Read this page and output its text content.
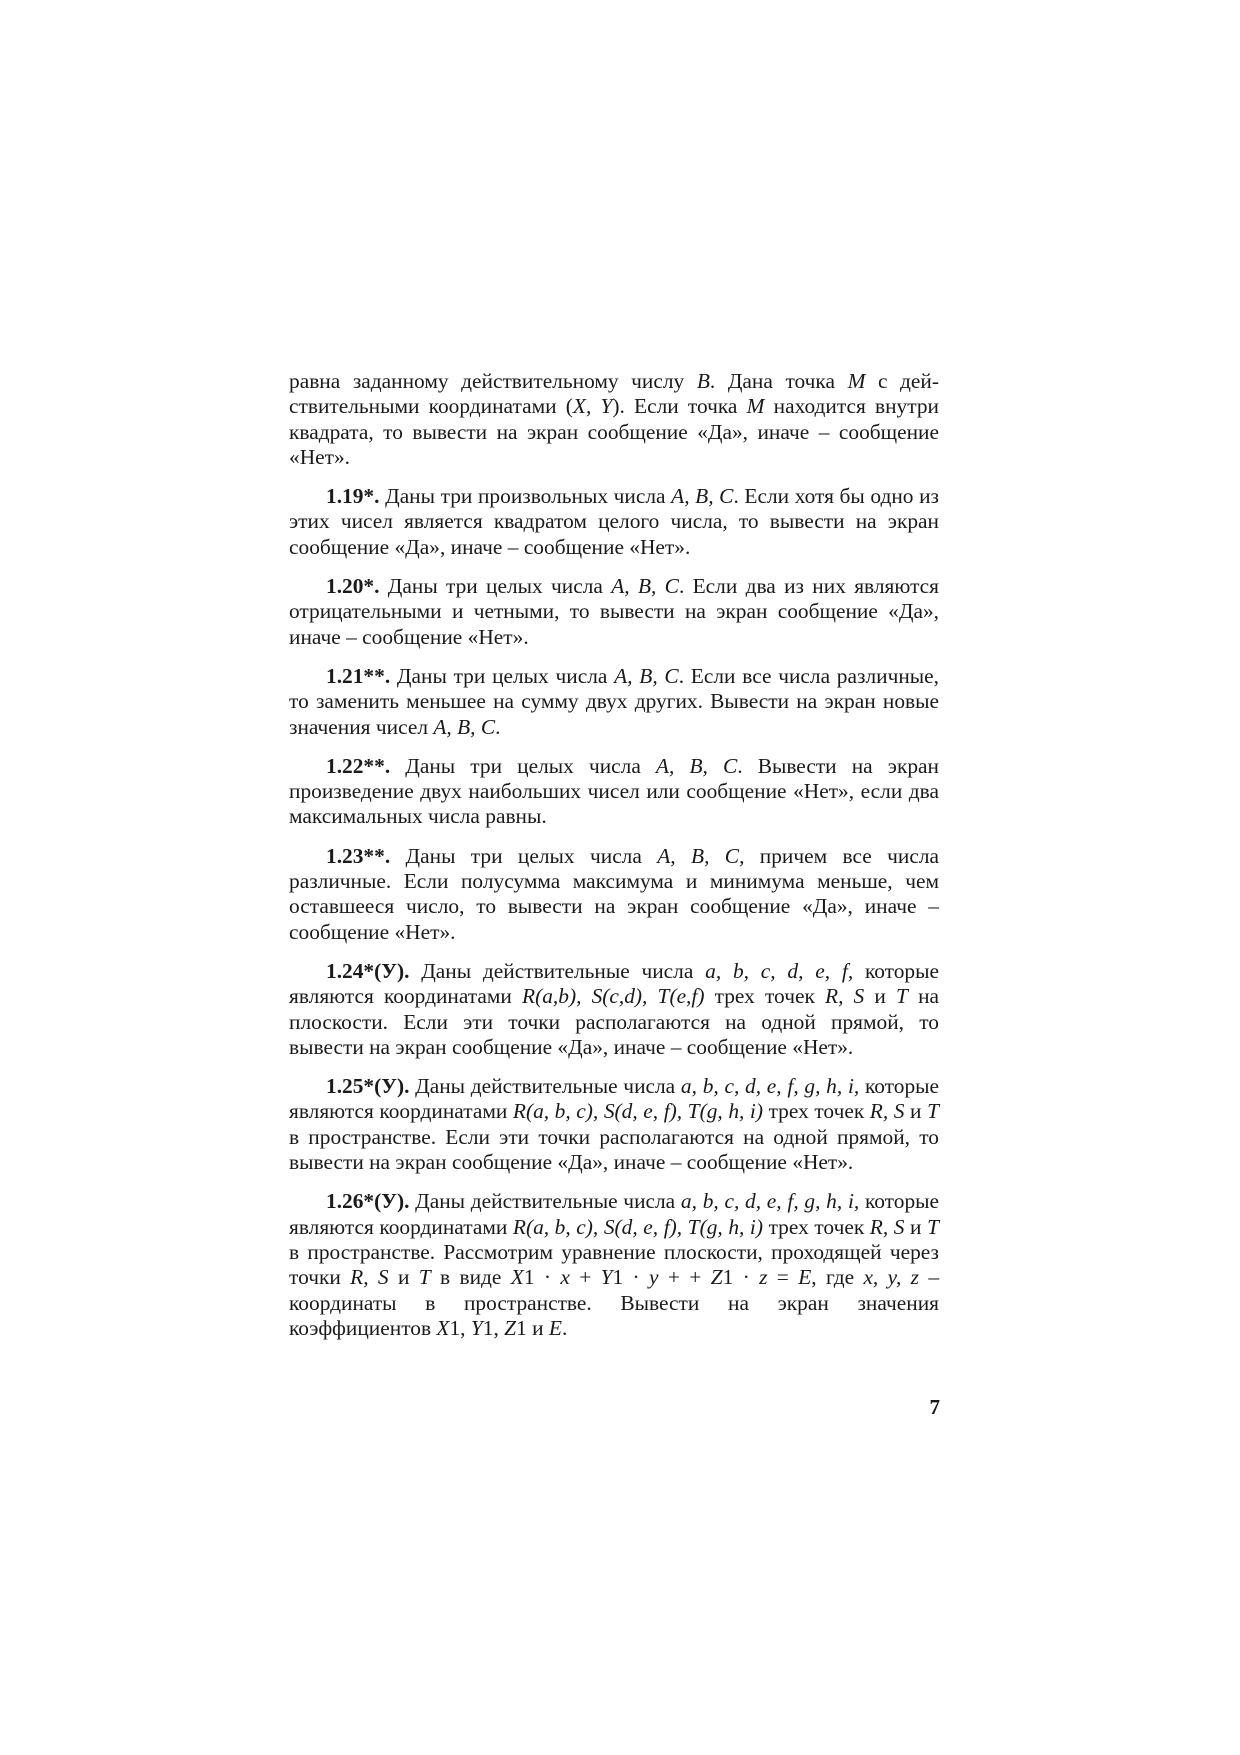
равна заданному действительному числу B. Дана точка M с действительными координатами (X, Y). Если точка M находится внутри квадрата, то вывести на экран сообщение «Да», иначе – сообщение «Нет».

1.19*. Даны три произвольных числа A, B, C. Если хотя бы одно из этих чисел является квадратом целого числа, то вывести на экран сообщение «Да», иначе – сообщение «Нет».

1.20*. Даны три целых числа A, B, C. Если два из них являются отрицательными и четными, то вывести на экран сообщение «Да», иначе – сообщение «Нет».

1.21**. Даны три целых числа A, B, C. Если все числа различные, то заменить меньшее на сумму двух других. Вывести на экран новые значения чисел A, B, C.

1.22**. Даны три целых числа A, B, C. Вывести на экран произведение двух наибольших чисел или сообщение «Нет», если два максимальных числа равны.

1.23**. Даны три целых числа A, B, C, причем все числа различные. Если полусумма максимума и минимума меньше, чем оставшееся число, то вывести на экран сообщение «Да», иначе – сообщение «Нет».

1.24*(У). Даны действительные числа a, b, c, d, e, f, которые являются координатами R(a,b), S(c,d), T(e,f) трех точек R, S и T на плоскости. Если эти точки располагаются на одной прямой, то вывести на экран сообщение «Да», иначе – сообщение «Нет».

1.25*(У). Даны действительные числа a, b, c, d, e, f, g, h, i, которые являются координатами R(a, b, c), S(d, e, f), T(g, h, i) трех точек R, S и T в пространстве. Если эти точки располагаются на одной прямой, то вывести на экран сообщение «Да», иначе – сообщение «Нет».

1.26*(У). Даны действительные числа a, b, c, d, e, f, g, h, i, которые являются координатами R(a, b, c), S(d, e, f), T(g, h, i) трех точек R, S и T в пространстве. Рассмотрим уравнение плоскости, проходящей через точки R, S и T в виде X1 · x + Y1 · y + + Z1 · z = E, где x, y, z – координаты в пространстве. Вывести на экран значения коэффициентов X1, Y1, Z1 и E.

7
